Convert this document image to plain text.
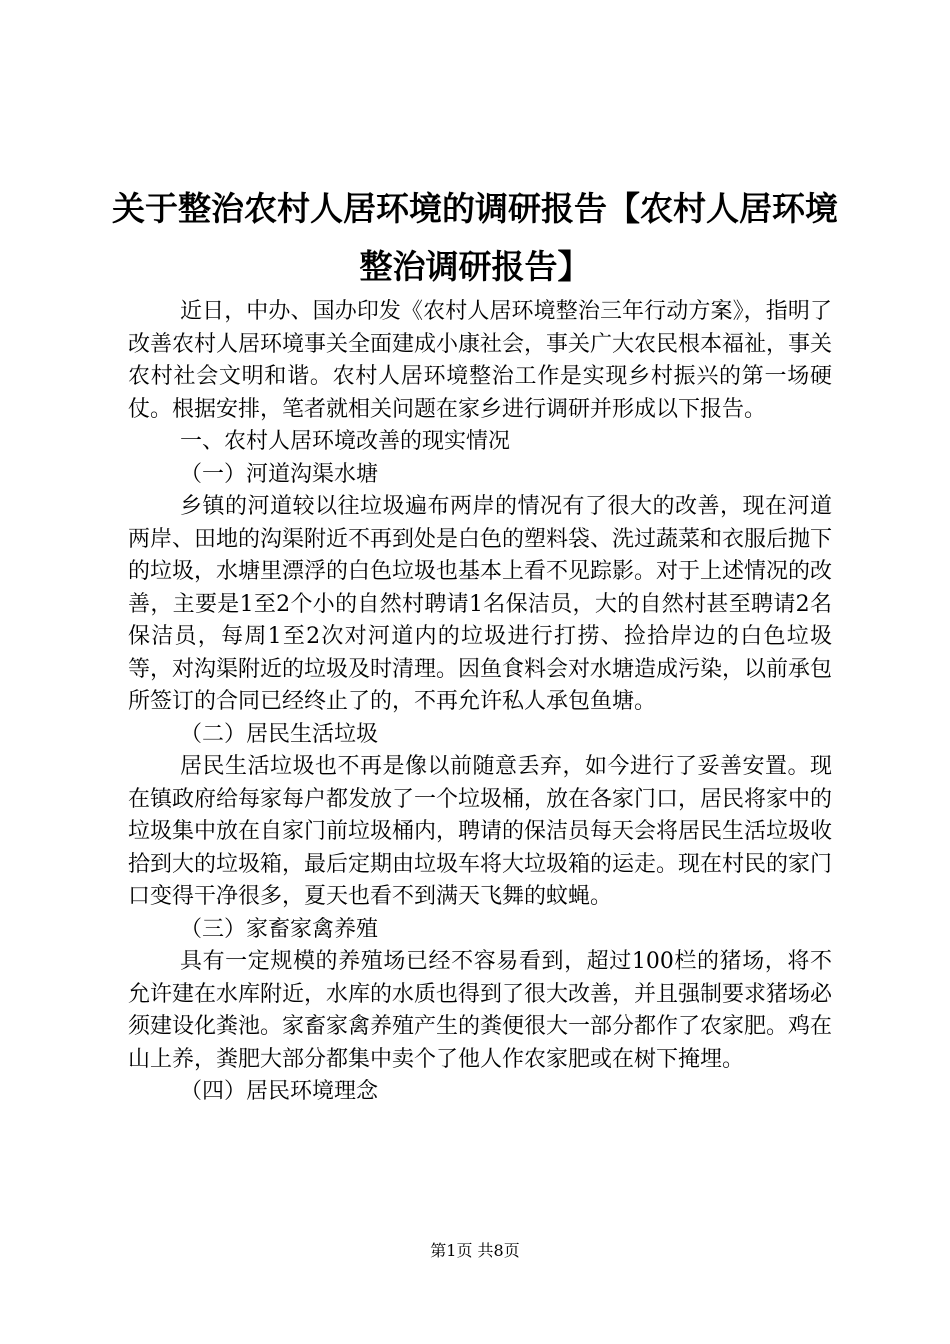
关于整治农村人居环境的调研报告【农村人居环境整治调研报告】

近日，中办、国办印发《农村人居环境整治三年行动方案》，指明了改善农村人居环境事关全面建成小康社会，事关广大农民根本福祉，事关农村社会文明和谐。农村人居环境整治工作是实现乡村振兴的第一场硬仗。根据安排，笔者就相关问题在家乡进行调研并形成以下报告。

一、农村人居环境改善的现实情况

（一）河道沟渠水塘

乡镇的河道较以往垃圾遍布两岸的情况有了很大的改善，现在河道两岸、田地的沟渠附近不再到处是白色的塑料袋、洗过蔬菜和衣服后抛下的垃圾，水塘里漂浮的白色垃圾也基本上看不见踪影。对于上述情况的改善，主要是1至2个小的自然村聘请1名保洁员，大的自然村甚至聘请2名保洁员，每周1至2次对河道内的垃圾进行打捞、捡拾岸边的白色垃圾等，对沟渠附近的垃圾及时清理。因鱼食料会对水塘造成污染，以前承包所签订的合同已经终止了的，不再允许私人承包鱼塘。

（二）居民生活垃圾

居民生活垃圾也不再是像以前随意丢弃，如今进行了妥善安置。现在镇政府给每家每户都发放了一个垃圾桶，放在各家门口，居民将家中的垃圾集中放在自家门前垃圾桶内，聘请的保洁员每天会将居民生活垃圾收拾到大的垃圾箱，最后定期由垃圾车将大垃圾箱的运走。现在村民的家门口变得干净很多，夏天也看不到满天飞舞的蚊蝇。

（三）家畜家禽养殖

具有一定规模的养殖场已经不容易看到，超过100栏的猪场，将不允许建在水库附近，水库的水质也得到了很大改善，并且强制要求猪场必须建设化粪池。家畜家禽养殖产生的粪便很大一部分都作了农家肥。鸡在山上养，粪肥大部分都集中卖个了他人作农家肥或在树下掩埋。

（四）居民环境理念

第1页 共8页
